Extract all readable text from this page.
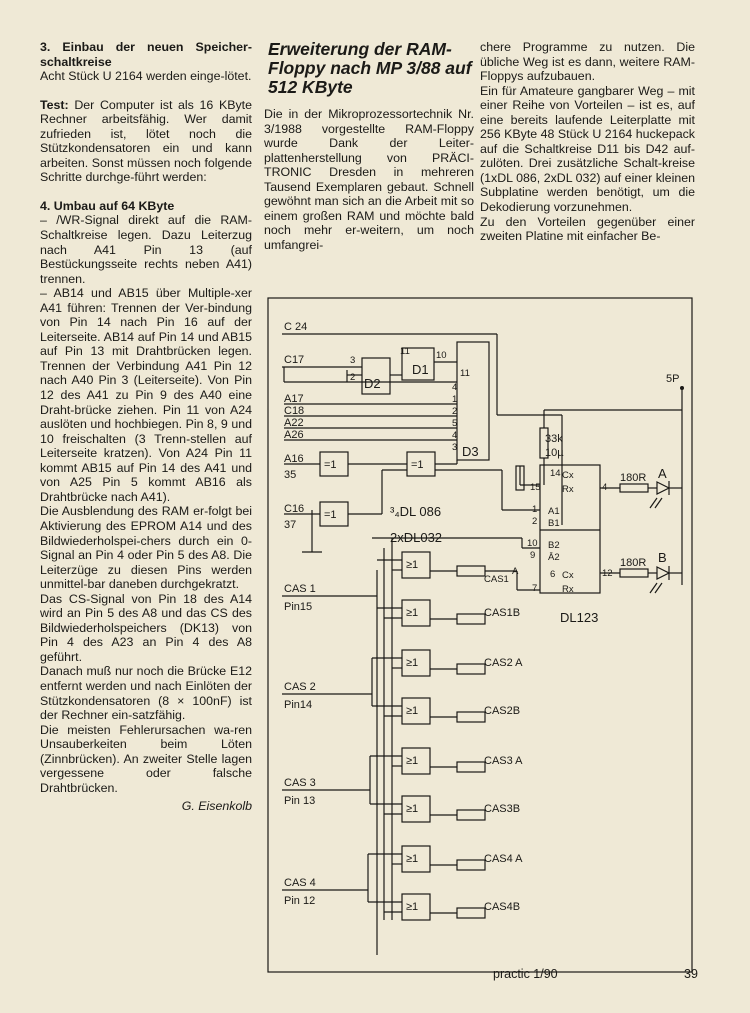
3. Einbau der neuen Speicher-schaltkreise

Acht Stück U 2164 werden einge-lötet.

Test: Der Computer ist als 16 KByte Rechner arbeitsfähig. Wer damit zufrieden ist, lötet noch die Stützkondensatoren ein und kann arbeiten. Sonst müssen noch folgende Schritte durchge-führt werden:

4. Umbau auf 64 KByte

– /WR-Signal direkt auf die RAM-Schaltkreise legen. Dazu Leiterzug nach A41 Pin 13 (auf Bestückungsseite rechts neben A41) trennen.

– AB14 und AB15 über Multiple-xer A41 führen: Trennen der Ver-bindung von Pin 14 nach Pin 16 auf der Leiterseite. AB14 auf Pin 14 und AB15 auf Pin 13 mit Drahtbrücken legen. Trennen der Verbindung A41 Pin 12 nach A40 Pin 3 (Leiterseite). Von Pin 12 des A41 zu Pin 9 des A40 eine Draht-brücke ziehen. Pin 11 von A24 auslöten und hochbiegen. Pin 8, 9 und 10 freischalten (3 Trenn-stellen auf Leiterseite kratzen). Von A24 Pin 11 kommt AB15 auf Pin 14 des A41 und von A25 Pin 5 kommt AB16 als Drahtbrücke nach A41).

Die Ausblendung des RAM er-folgt bei Aktivierung des EPROM A14 und des Bildwiederholspei-chers durch ein 0-Signal an Pin 4 oder Pin 5 des A8. Die Leiterzüge zu diesen Pins werden unmittel-bar daneben durchgekratzt.

Das CS-Signal von Pin 18 des A14 wird an Pin 5 des A8 und das CS des Bildwiederholspeichers (DK13) von Pin 4 des A23 an Pin 4 des A8 geführt.

Danach muß nur noch die Brücke E12 entfernt werden und nach Einlöten der Stützkondensatoren (8 × 100nF) ist der Rechner ein-satzfähig.

Die meisten Fehlerursachen wa-ren Unsauberkeiten beim Löten (Zinnbrücken). An zweiter Stelle lagen vergessene oder falsche Drahtbrücken.

G. Eisenkolb

Erweiterung der RAM-Floppy nach MP 3/88 auf 512 KByte

Die in der Mikroprozessortechnik Nr. 3/1988 vorgestellte RAM-Floppy wurde Dank der Leiter-plattenherstellung von PRÄCI-TRONIC Dresden in mehreren Tausend Exemplaren gebaut. Schnell gewöhnt man sich an die Arbeit mit so einem großen RAM und möchte bald noch mehr er-weitern, um noch umfangrei-

chere Programme zu nutzen. Die übliche Weg ist es dann, weitere RAM-Floppys aufzubauen.

Ein für Amateure gangbarer Weg – mit einer Reihe von Vorteilen – ist es, auf eine bereits laufende Leiterplatte mit 256 KByte 48 Stück U 2164 huckepack auf die Schaltkreise D11 bis D42 auf-zulöten. Drei zusätzliche Schalt-kreise (1xDL 086, 2xDL 032) auf einer kleinen Subplatine werden benötigt, um die Dekodierung vorzunehmen.

Zu den Vorteilen gegenüber einer zweiten Platine mit einfacher Be-

C 24
D2
C17	3
2
D1
11	10
D3
11
4
A17
C18
A22
A26
1
2
5
4
3
A16
35
=1	=1
C16
37
=1	³₄DL 086
2xDL032
Cx
Rx
A1
B1
B2
Ā2
Cx
Rx
DL123
14
15
1
2
10
9
6
7
4
12
33k
10µ
5P
180R A
180R B
CAS 1
Pin15
CAS 2
Pin14
CAS 3
Pin 13
CAS 4
Pin 12
≥1
CAS1
A
≥1	CAS1B
≥1	CAS2 A
≥1	CAS2B
≥1	CAS3 A
≥1	CAS3B
≥1	CAS4 A
≥1	CAS4B
practic 1/90	39
